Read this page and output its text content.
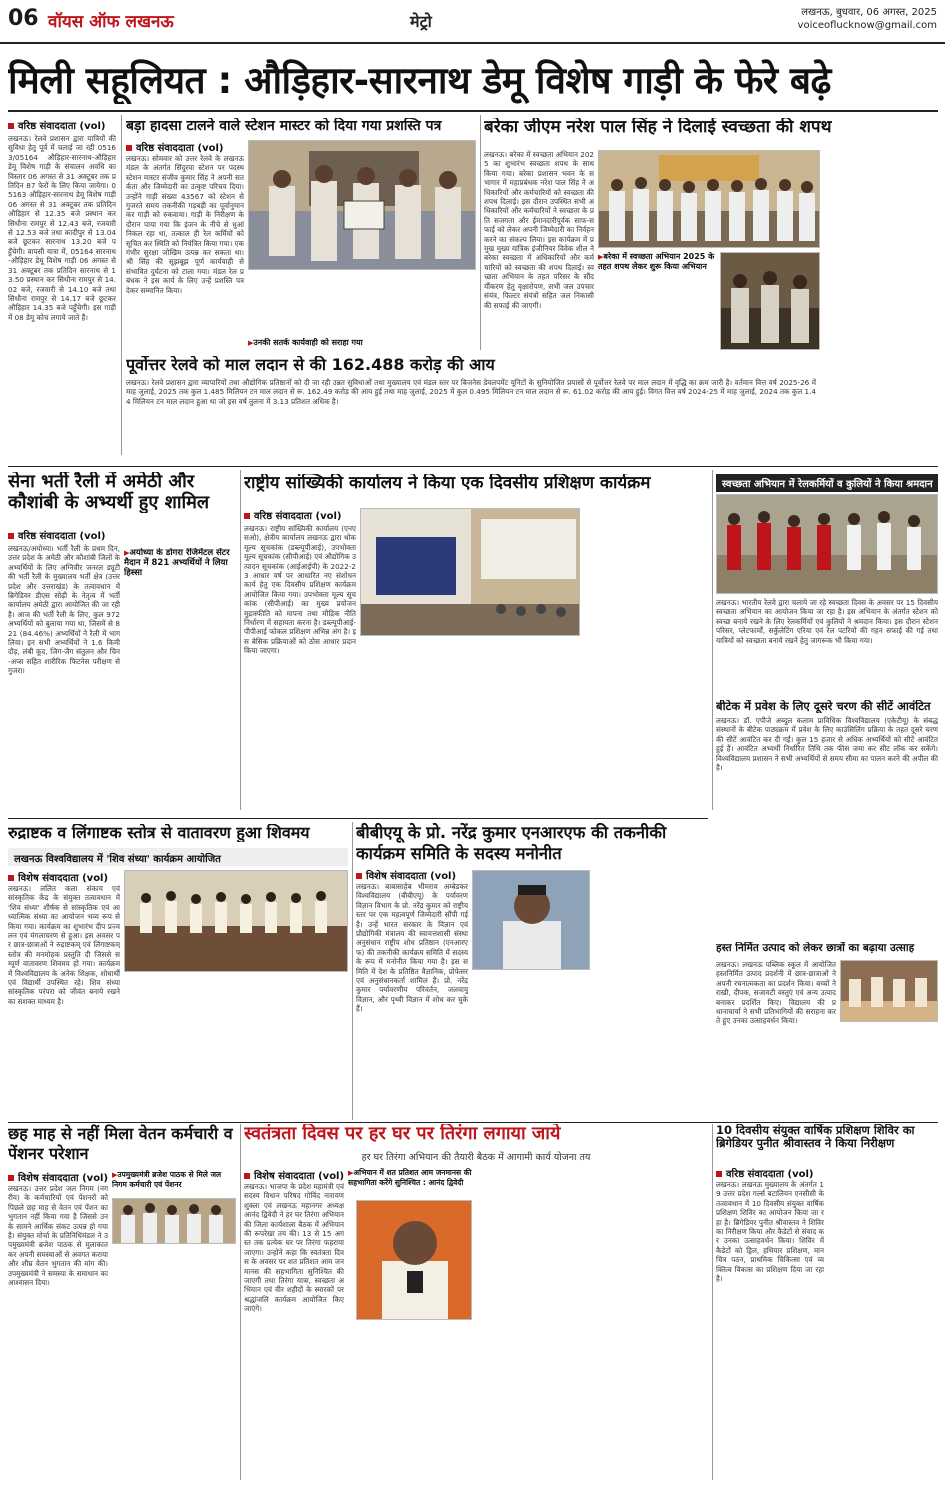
06 वॉयस ऑफ लखनऊ	मेट्रो	लखनऊ, बुधवार, 06 अगस्त, 2025
voiceoflucknow@gmail.com
मिली सहूलियत : औड़िहार-सारनाथ डेमू विशेष गाड़ी के फेरे बढ़े
वरिष्ठ संवाददाता (vol)
लखनऊ। रेलवे प्रशासन द्वारा यात्रियों की सुविधा हेतु पूर्व में चलाई जा रही 05163/05164 औड़िहार-सारनाथ-औड़िहार डेमू विशेष गाड़ी के संचालन अवधि का विस्तार 06 अगस्त से 31 अक्टूबर तक प्रतिदिन 87 फेरों के लिए किया जायेगा। 05163 औड़िहार-सारनाथ डेमू विशेष गाड़ी 06 अगस्त से 31 अक्टूबर तक प्रतिदिन औड़िहार से 12.35 बजे प्रस्थान कर सिधौना रामपुर से 12.43 बजे, रजवारी से 12.53 बजे तथा कादीपुर से 13.04 बजे छूटकर सारनाथ 13.20 बजे पहुँचेगी। वापसी यात्रा में, 05164 सारनाथ-औड़िहार डेमू विशेष गाड़ी 06 अगस्त से 31 अक्टूबर तक प्रतिदिन सारनाथ से 13.50 प्रस्थान कर सिधौना रामपुर से 14.02 बजे, रजवारी से 14.10 बजे तथा सिधौना रामपुर से 14.17 बजे छूटकर औड़िहार 14.35 बजे पहुँचेगी। इस गाड़ी में 08 डेमू कोच लगाये जाते हैं।
बड़ा हादसा टालने वाले स्टेशन मास्टर को दिया गया प्रशस्ति पत्र
वरिष्ठ संवाददाता (vol)
लखनऊ। सोमवार को उत्तर रेलवे के लखनऊ मंडल के अंतर्गत सिंदुरवा स्टेशन पर पदस्थ स्टेशन मास्टर संजीव कुमार सिंह ने अपनी सतर्कता और जिम्मेदारी का उत्कृष्ट परिचय दिया। उन्होंने गाड़ी संख्या 43567 को स्टेशन से गुजरते समय तकनीकी गड़बड़ी का पूर्वानुमान कर गाड़ी को रुकवाया। गाड़ी के निरीक्षण के दौरान पाया गया कि इंजन के नीचे से धुआं निकल रहा था, तत्काल ही रेल कर्मियों को सूचित कर स्थिति को नियंत्रित किया गया। एक गंभीर सुरक्षा जोखिम उत्पन्न कर सकता था। श्री सिंह की सूझबूझ पूर्ण कार्यवाही से संभावित दुर्घटना को टाला गया। मंडल रेल प्रबंधक ने इस कार्य के लिए उन्हें प्रशस्ति पत्र देकर सम्मानित किया।
▶ उनकी सतर्क कार्यवाही को सराहा गया
बरेका जीएम नरेश पाल सिंह ने दिलाई स्वच्छता की शपथ
लखनऊ। बरेका में स्वच्छता अभियान 2025 का शुभारंभ स्वच्छता शपथ के साथ किया गया। बरेका प्रशासन भवन के सभागार में महाप्रबंधक नरेश पाल सिंह ने अधिकारियों और कर्मचारियों को स्वच्छता की शपथ दिलाई। इस दौरान उपस्थित सभी अधिकारियों और कर्मचारियों ने स्वच्छता के प्रति सजगता और ईमानदारीपूर्वक साफ-सफाई को लेकर अपनी जिम्मेदारी का निर्वहन करने का संकल्प लिया। इस कार्यक्रम में प्रमुख मुख्य यांत्रिक इंजीनियर विवेक शील ने बरेका स्वच्छता में अधिकारियों और कर्मचारियों को स्वच्छता की शपथ दिलाई। स्वच्छता अभियान के तहत परिसर के सौंदर्यीकरण हेतु वृक्षारोपण, सभी जल उपचार संयंत्र, फिल्टर संयंत्रों सहित जल निकासी की सफाई की जाएगी।
▶ बरेका में स्वच्छता अभियान 2025 के तहत शपथ लेकर शुरू किया अभियान
पूर्वोत्तर रेलवे को माल लदान से की 162.488 करोड़ की आय
लखनऊ। रेलवे प्रशासन द्वारा व्यापारियों तथा औद्योगिक प्रतिष्ठानों को दी जा रही उन्नत सुविधाओं तथा मुख्यालय एवं मंडल स्तर पर बिजनेस डेवलपमेंट यूनिटों के सुनियोजित प्रयासों से पूर्वोत्तर रेलवे पर माल लदान में वृद्धि का क्रम जारी है। वर्तमान वित्त वर्ष 2025-26 में माह जुलाई, 2025 तक कुल 1.485 मिलियन टन माल लदान से रू. 162.49 करोड़ की आय हुई तथा माह जुलाई, 2025 में कुल 0.495 मिलियन टन माल लदान से रू. 61.02 करोड़ की आय हुई। विगत वित्त वर्ष 2024-25 में माह जुलाई, 2024 तक कुल 1.44 मिलियन टन माल लदान हुआ था जो इस वर्ष तुलना में 3.13 प्रतिशत अधिक है।
सेना भर्ती रैली में अमेठी और कौशांबी के अभ्यर्थी हुए शामिल
वरिष्ठ संवाददाता (vol)
लखनऊ/अयोध्या। भर्ती रैली के प्रथम दिन, उत्तर प्रदेश के अमेठी और कौशांबी जिलों के अभ्यर्थियों के लिए अग्निवीर जनरल ड्यूटी की भर्ती रैली के मुख्यालय भर्ती क्षेत्र (उत्तर प्रदेश और उत्तराखंड) के तत्वावधान में ब्रिगेडियर डीएस सोढ़ी के नेतृत्व में भर्ती कार्यालय अमेठी द्वारा आयोजित की जा रही है। आज की भर्ती रैली के लिए, कुल 972 अभ्यर्थियों को बुलाया गया था, जिसमें से 821 (84.46%) अभ्यर्थियों ने रैली में भाग लिया। इन सभी अभ्यर्थियों ने 1.6 किमी दौड़, लंबी कूद, जिग-जैग संतुलन और चिन-अप्स सहित शारीरिक फिटनेस परीक्षण से गुजरा।
▶ अयोध्या के डोगरा रेजिमेंटल सेंटर मैदान में 821 अभ्यर्थियों ने लिया हिस्सा
राष्ट्रीय सांख्यिकी कार्यालय ने किया एक दिवसीय प्रशिक्षण कार्यक्रम
वरिष्ठ संवाददाता (vol)
लखनऊ। राष्ट्रीय सांख्यिकी कार्यालय (एनएसओ), क्षेत्रीय कार्यालय लखनऊ द्वारा थोक मूल्य सूचकांक (डब्ल्यूपीआई), उपभोक्ता मूल्य सूचकांक (सीपीआई) एवं औद्योगिक उत्पादन सूचकांक (आईआईपी) के 2022-23 आधार वर्ष पर आधारित नए संशोधन कार्य हेतु एक दिवसीय प्रशिक्षण कार्यक्रम आयोजित किया गया। उपभोक्ता मूल्य सूचकांक (सीपीआई) का मुख्य प्रयोजन मुद्रास्फीति को मापना तथा मौद्रिक नीति निर्धारण में सहायता करना है। डब्ल्यूपीआई-पीपीआई फोकल प्रशिक्षण अभिन्न अंग है। इस बेसिक प्रक्रियाओं को ठोस आधार प्रदान किया जाएगा।
स्वच्छता अभियान में रेलकर्मियों व कुलियों ने किया श्रमदान
लखनऊ। भारतीय रेलवे द्वारा चलाये जा रहे स्वच्छता दिवस के अवसर पर 15 दिवसीय स्वच्छता अभियान का आयोजन किया जा रहा है। इस अभियान के अंतर्गत स्टेशन को स्वच्छ बनाये रखने के लिए रेलकर्मियों एवं कुलियों ने श्रमदान किया। इस दौरान स्टेशन परिसर, प्लेटफार्मों, सर्कुलेटिंग एरिया एवं रेल पटरियों की गहन सफाई की गई तथा यात्रियों को स्वच्छता बनाये रखने हेतु जागरूक भी किया गया।
बीटेक में प्रवेश के लिए दूसरे चरण की सीटें आवंटित
लखनऊ। डॉ. एपीजे अब्दुल कलाम प्राविधिक विश्वविद्यालय (एकेटीयू) के संबद्ध संस्थानों के बीटेक पाठ्यक्रम में प्रवेश के लिए काउंसिलिंग प्रक्रिया के तहत दूसरे चरण की सीटें आवंटित कर दी गईं। कुल 15 हजार से अधिक अभ्यर्थियों को सीटें आवंटित हुई हैं। आवंटित अभ्यर्थी निर्धारित तिथि तक फीस जमा कर सीट लॉक कर सकेंगे। विश्वविद्यालय प्रशासन ने सभी अभ्यर्थियों से समय सीमा का पालन करने की अपील की है।
हस्त निर्मित उत्पाद को लेकर छात्रों का बढ़ाया उत्साह
लखनऊ। लखनऊ पब्लिक स्कूल में आयोजित हस्तनिर्मित उत्पाद प्रदर्शनी में छात्र-छात्राओं ने अपनी रचनात्मकता का प्रदर्शन किया। बच्चों ने राखी, दीपक, सजावटी वस्तुएं एवं अन्य उत्पाद बनाकर प्रदर्शित किए। विद्यालय की प्रधानाचार्या ने सभी प्रतिभागियों की सराहना करते हुए उनका उत्साहवर्धन किया।
रुद्राष्टक व लिंगाष्टक स्तोत्र से वातावरण हुआ शिवमय
लखनऊ विश्वविद्यालय में 'शिव संध्या' कार्यक्रम आयोजित
विशेष संवाददाता (vol)
लखनऊ। ललित कला संकाय एवं सांस्कृतिक केंद्र के संयुक्त तत्वावधान में 'शिव संध्या' शीर्षक से सांस्कृतिक एवं आध्यात्मिक संध्या का आयोजन भव्य रूप से किया गया। कार्यक्रम का शुभारंभ दीप प्रज्वलन एवं मंगलाचरण से हुआ। इस अवसर पर छात्र-छात्राओं ने रुद्राष्टकम् एवं लिंगाष्टकम् स्तोत्र की मनमोहक प्रस्तुति दी जिससे सम्पूर्ण वातावरण शिवमय हो गया। कार्यक्रम में विश्वविद्यालय के अनेक शिक्षक, शोधार्थी एवं विद्यार्थी उपस्थित रहे। शिव संध्या सांस्कृतिक परंपरा को जीवंत बनाये रखने का सशक्त माध्यम है।
बीबीएयू के प्रो. नरेंद्र कुमार एनआरएफ की तकनीकी कार्यक्रम समिति के सदस्य मनोनीत
विशेष संवाददाता (vol)
लखनऊ। बाबासाहेब भीमराव अम्बेडकर विश्वविद्यालय (बीबीएयू) के पर्यावरण विज्ञान विभाग के प्रो. नरेंद्र कुमार को राष्ट्रीय स्तर पर एक महत्वपूर्ण जिम्मेदारी सौंपी गई है। उन्हें भारत सरकार के विज्ञान एवं प्रौद्योगिकी मंत्रालय की स्वायत्तशासी संस्था अनुसंधान राष्ट्रीय शोध प्रतिष्ठान (एनआरएफ) की तकनीकी कार्यक्रम समिति में सदस्य के रूप में मनोनीत किया गया है। इस समिति में देश के प्रतिष्ठित वैज्ञानिक, प्रोफेसर एवं अनुसंधानकर्ता शामिल हैं। प्रो. नरेंद्र कुमार पर्यावरणीय परिवर्तन, जलवायु विज्ञान, और पृथ्वी विज्ञान में शोध कर चुके हैं।
छह माह से नहीं मिला वेतन कर्मचारी व पेंशनर परेशान
विशेष संवाददाता (vol)
लखनऊ। उत्तर प्रदेश जल निगम (नगरीय) के कर्मचारियों एवं पेंशनरों को पिछले छह माह से वेतन एवं पेंशन का भुगतान नहीं किया गया है जिससे उनके सामने आर्थिक संकट उत्पन्न हो गया है। संयुक्त मोर्चा के प्रतिनिधिमंडल ने उपमुख्यमंत्री ब्रजेश पाठक से मुलाकात कर अपनी समस्याओं से अवगत कराया और शीघ्र वेतन भुगतान की मांग की। उपमुख्यमंत्री ने समस्या के समाधान का आश्वासन दिया।
▶ उपमुख्यमंत्री ब्रजेश पाठक से मिले जल निगम कर्मचारी एवं पेंशनर
स्वतंत्रता दिवस पर हर घर पर तिरंगा लगाया जाये
हर घर तिरंगा अभियान की तैयारी बैठक में आगामी कार्य योजना तय
विशेष संवाददाता (vol)
लखनऊ। भाजपा के प्रदेश महामंत्री एवं सदस्य विधान परिषद गोविंद नारायण शुक्ला एवं लखनऊ महानगर अध्यक्ष आनंद द्विवेदी ने हर घर तिरंगा अभियान की जिला कार्यशाला बैठक में अभियान की रूपरेखा तय की। 13 से 15 अगस्त तक प्रत्येक घर पर तिरंगा फहराया जाएगा। उन्होंने कहा कि स्वतंत्रता दिवस के अवसर पर शत प्रतिशत आम जनमानस की सहभागिता सुनिश्चित की जाएगी तथा तिरंगा यात्रा, स्वच्छता अभियान एवं वीर शहीदों के स्मारकों पर श्रद्धांजलि कार्यक्रम आयोजित किए जाएंगे।
▶ अभियान में शत प्रतिशत आम जनमानस की सहभागिता करेंगे सुनिश्चित : आनंद द्विवेदी
10 दिवसीय संयुक्त वार्षिक प्रशिक्षण शिविर का ब्रिगेडियर पुनीत श्रीवास्तव ने किया निरीक्षण
वरिष्ठ संवाददाता (vol)
लखनऊ। लखनऊ मुख्यालय के अंतर्गत 19 उत्तर प्रदेश गर्ल्स बटालियन एनसीसी के तत्वावधान में 10 दिवसीय संयुक्त वार्षिक प्रशिक्षण शिविर का आयोजन किया जा रहा है। ब्रिगेडियर पुनीत श्रीवास्तव ने शिविर का निरीक्षण किया और कैडेटों से संवाद कर उनका उत्साहवर्धन किया। शिविर में कैडेटों को ड्रिल, हथियार प्रशिक्षण, मानचित्र पठन, प्राथमिक चिकित्सा एवं व्यक्तित्व विकास का प्रशिक्षण दिया जा रहा है।
